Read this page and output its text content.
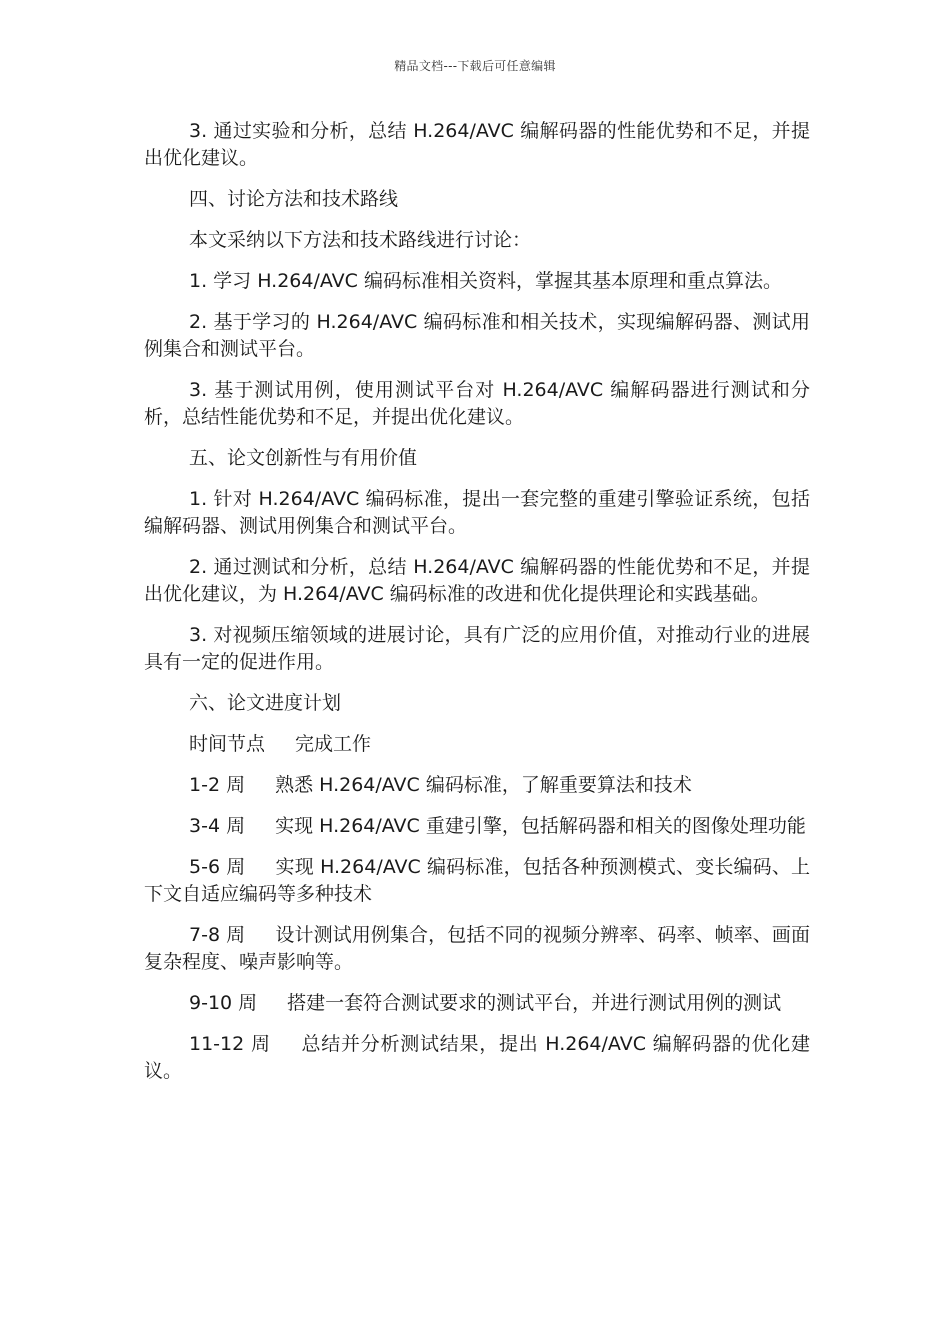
精品文档---下载后可任意编辑

3. 通过实验和分析，总结 H.264/AVC 编解码器的性能优势和不足，并提出优化建议。

四、讨论方法和技术路线

本文采纳以下方法和技术路线进行讨论：

1. 学习 H.264/AVC 编码标准相关资料，掌握其基本原理和重点算法。

2. 基于学习的 H.264/AVC 编码标准和相关技术，实现编解码器、测试用例集合和测试平台。

3. 基于测试用例，使用测试平台对 H.264/AVC 编解码器进行测试和分析，总结性能优势和不足，并提出优化建议。

五、论文创新性与有用价值

1. 针对 H.264/AVC 编码标准，提出一套完整的重建引擎验证系统，包括编解码器、测试用例集合和测试平台。

2. 通过测试和分析，总结 H.264/AVC 编解码器的性能优势和不足，并提出优化建议，为 H.264/AVC 编码标准的改进和优化提供理论和实践基础。

3. 对视频压缩领域的进展讨论，具有广泛的应用价值，对推动行业的进展具有一定的促进作用。

六、论文进度计划

时间节点 完成工作

1-2 周 熟悉 H.264/AVC 编码标准，了解重要算法和技术

3-4 周 实现 H.264/AVC 重建引擎，包括解码器和相关的图像处理功能

5-6 周 实现 H.264/AVC 编码标准，包括各种预测模式、变长编码、上下文自适应编码等多种技术

7-8 周 设计测试用例集合，包括不同的视频分辨率、码率、帧率、画面复杂程度、噪声影响等。

9-10 周 搭建一套符合测试要求的测试平台，并进行测试用例的测试

11-12 周 总结并分析测试结果，提出 H.264/AVC 编解码器的优化建议。
